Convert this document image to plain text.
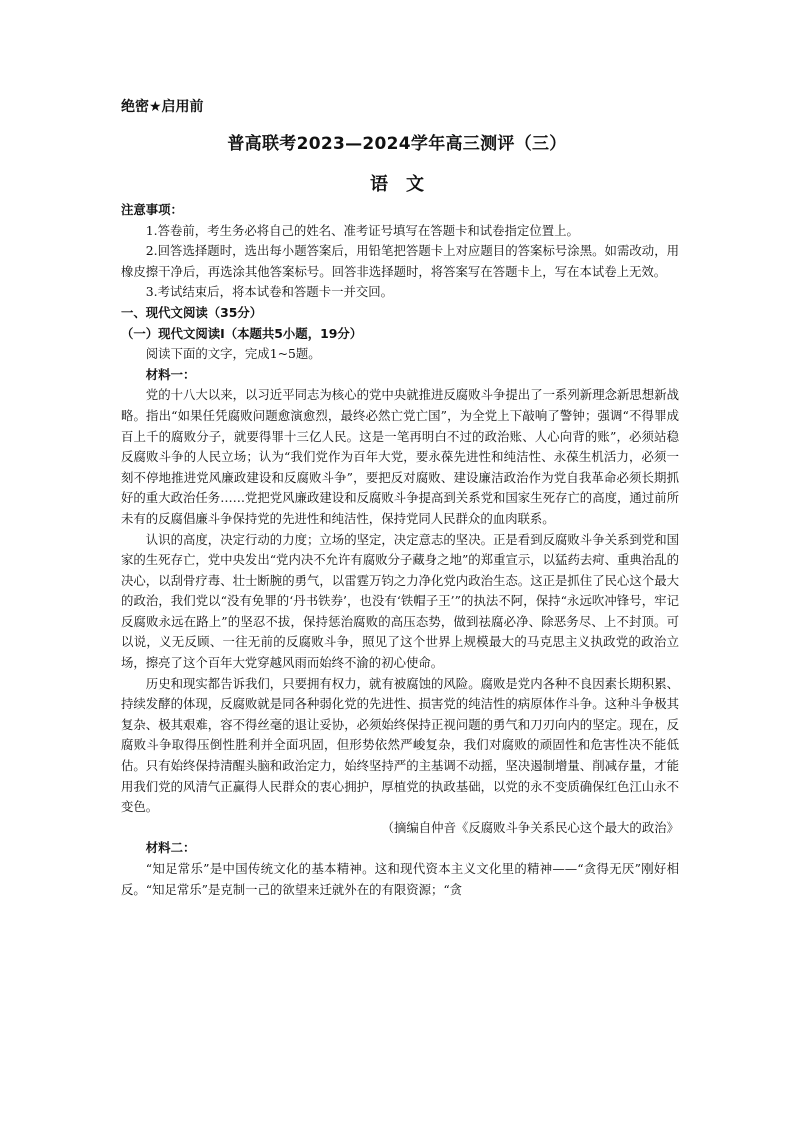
绝密★启用前
普高联考2023—2024学年高三测评（三）
语文
注意事项：

1.答卷前，考生务必将自己的姓名、准考证号填写在答题卡和试卷指定位置上。

2.回答选择题时，选出每小题答案后，用铅笔把答题卡上对应题目的答案标号涂黑。如需改动，用橡皮擦干净后，再选涂其他答案标号。回答非选择题时，将答案写在答题卡上，写在本试卷上无效。

3.考试结束后，将本试卷和答题卡一并交回。

一、现代文阅读（35分）
（一）现代文阅读Ⅰ（本题共5小题，19分）
阅读下面的文字，完成1~5题。
材料一：

党的十八大以来，以习近平同志为核心的党中央就推进反腐败斗争提出了一系列新理念新思想新战略。指出“如果任凭腐败问题愈演愈烈，最终必然亡党亡国”，为全党上下敲响了警钟；强调“不得罪成百上千的腐败分子，就要得罪十三亿人民。这是一笔再明白不过的政治账、人心向背的账”，必须站稳反腐败斗争的人民立场；认为“我们党作为百年大党，要永葆先进性和纯洁性、永葆生机活力，必须一刻不停地推进党风廉政建设和反腐败斗争”，要把反对腐败、建设廉洁政治作为党自我革命必须长期抓好的重大政治任务……党把党风廉政建设和反腐败斗争提高到关系党和国家生死存亡的高度，通过前所未有的反腐倡廉斗争保持党的先进性和纯洁性，保持党同人民群众的血肉联系。

认识的高度，决定行动的力度；立场的坚定，决定意志的坚决。正是看到反腐败斗争关系到党和国家的生死存亡，党中央发出“党内决不允许有腐败分子藏身之地”的郑重宣示，以猛药去疴、重典治乱的决心，以刮骨疗毒、壮士断腕的勇气，以雷霆万钧之力净化党内政治生态。这正是抓住了民心这个最大的政治，我们党以“没有免罪的‘丹书铁券’，也没有‘铁帽子王’”的执法不阿，保持“永远吹冲锋号，牢记反腐败永远在路上”的坚忍不拔，保持惩治腐败的高压态势，做到祛腐必净、除恶务尽、上不封顶。可以说，义无反顾、一往无前的反腐败斗争，照见了这个世界上规模最大的马克思主义执政党的政治立场，擦亮了这个百年大党穿越风雨而始终不渝的初心使命。

历史和现实都告诉我们，只要拥有权力，就有被腐蚀的风险。腐败是党内各种不良因素长期积累、持续发酵的体现，反腐败就是同各种弱化党的先进性、损害党的纯洁性的病原体作斗争。这种斗争极其复杂、极其艰难，容不得丝毫的退让妥协，必须始终保持正视问题的勇气和刀刃向内的坚定。现在，反腐败斗争取得压倒性胜利并全面巩固，但形势依然严峻复杂，我们对腐败的顽固性和危害性决不能低估。只有始终保持清醒头脑和政治定力，始终坚持严的主基调不动摇，坚决遏制增量、削减存量，才能用我们党的风清气正赢得人民群众的衷心拥护，厚植党的执政基础，以党的永不变质确保红色江山永不变色。

（摘编自仲音《反腐败斗争关系民心这个最大的政治》

材料二：

“知足常乐”是中国传统文化的基本精神。这和现代资本主义文化里的精神——“贪得无厌”刚好相反。“知足常乐”是克制一己的欲望来迁就外在的有限资源；“贪
